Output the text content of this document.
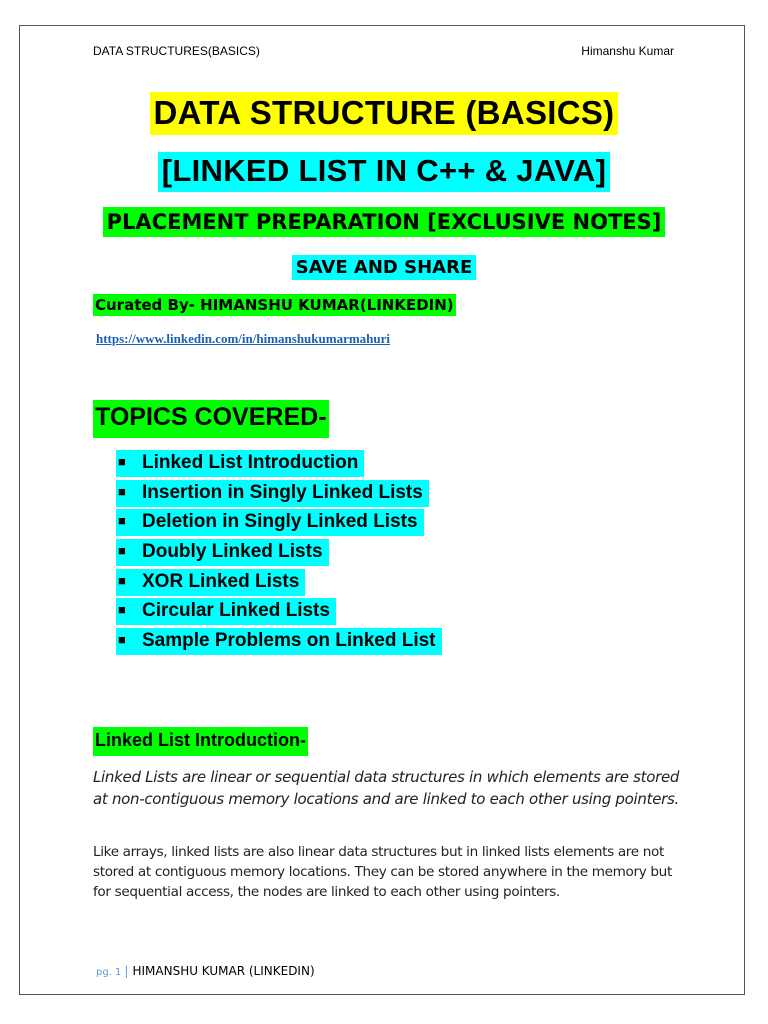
DATA STRUCTURES(BASICS)	Himanshu Kumar
DATA STRUCTURE (BASICS)
[LINKED LIST IN C++ & JAVA]
PLACEMENT PREPARATION [EXCLUSIVE NOTES]
SAVE AND SHARE
Curated By- HIMANSHU KUMAR(LINKEDIN)
https://www.linkedin.com/in/himanshukumarmahuri
TOPICS COVERED-
■ Linked List Introduction
■ Insertion in Singly Linked Lists
■ Deletion in Singly Linked Lists
■ Doubly Linked Lists
■ XOR Linked Lists
■ Circular Linked Lists
■ Sample Problems on Linked List
Linked List Introduction-

Linked Lists are linear or sequential data structures in which elements are stored at non-contiguous memory locations and are linked to each other using pointers.

Like arrays, linked lists are also linear data structures but in linked lists elements are not stored at contiguous memory locations. They can be stored anywhere in the memory but for sequential access, the nodes are linked to each other using pointers.

pg. 1 | HIMANSHU KUMAR (LINKEDIN)
